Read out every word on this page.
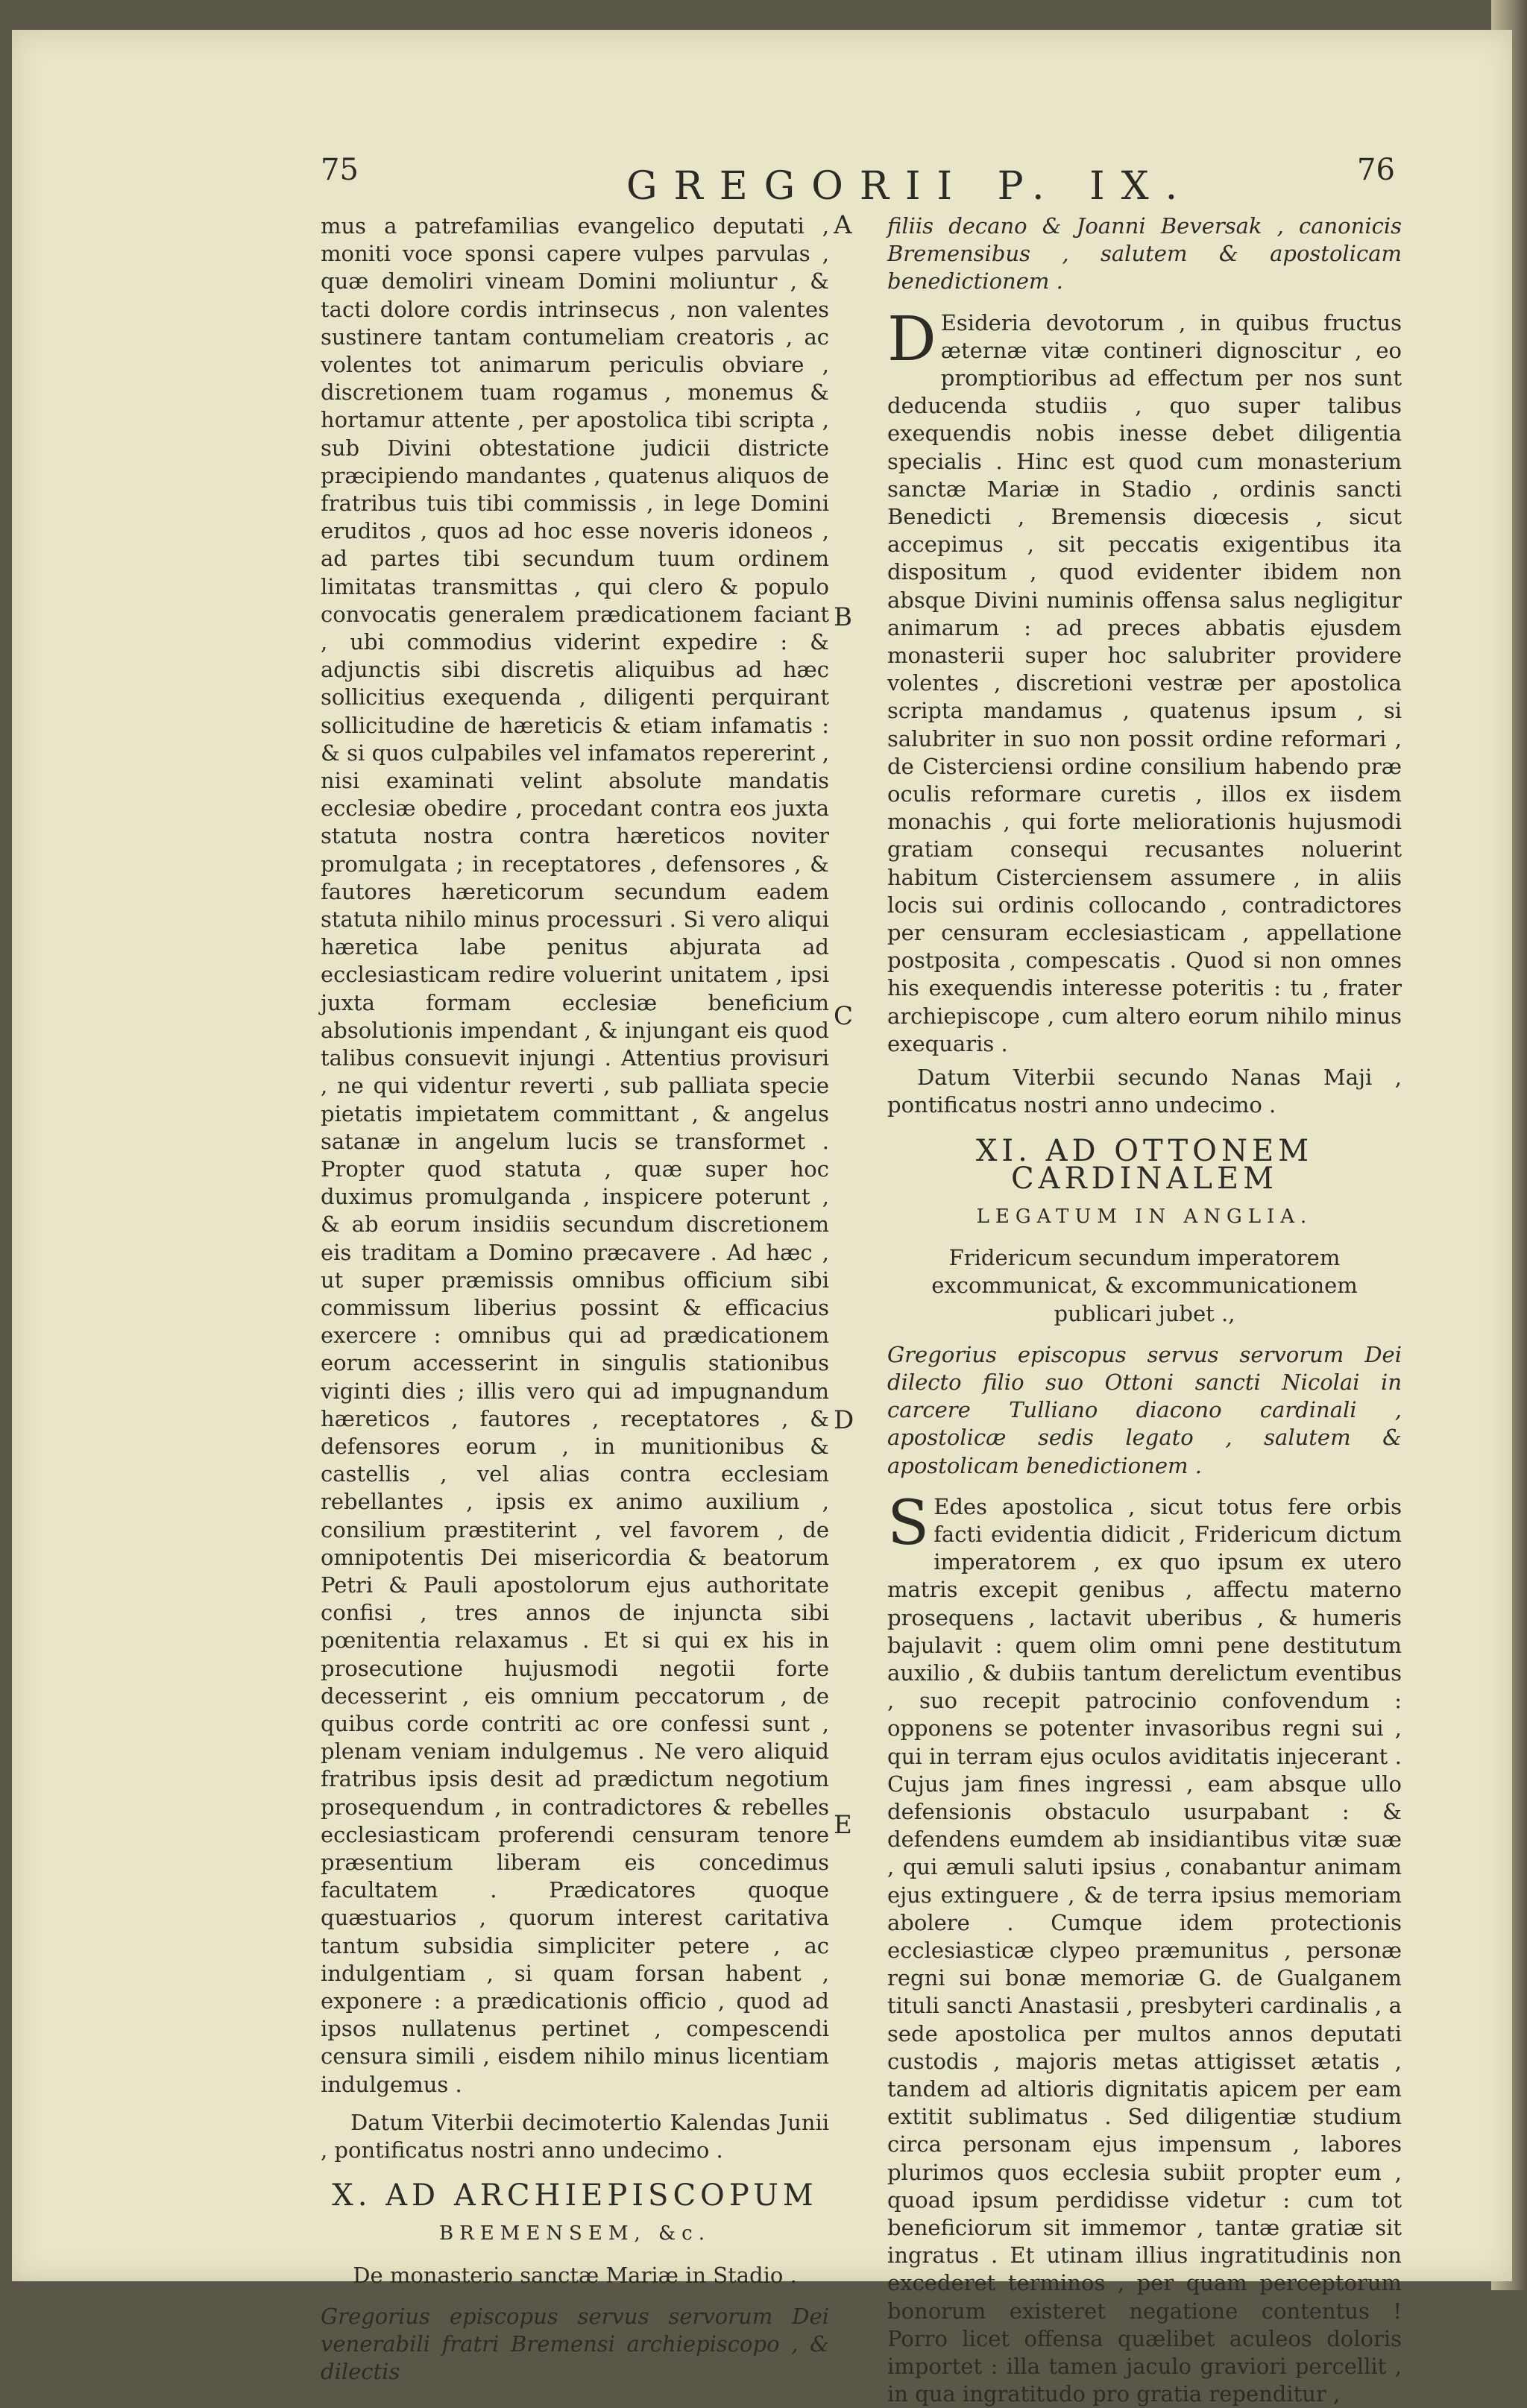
75	GREGORII P. IX.	76
A
B
C
D
E

mus a patrefamilias evangelico deputati , moniti voce sponsi capere vulpes parvulas , quæ demoliri vineam Domini moliuntur , & tacti dolore cordis intrinsecus , non valentes sustinere tantam contumeliam creatoris , ac volentes tot animarum periculis obviare , discretionem tuam rogamus , monemus & hortamur attente , per apostolica tibi scripta , sub Divini obtestatione judicii districte præcipiendo mandantes , quatenus aliquos de fratribus tuis tibi commissis , in lege Domini eruditos , quos ad hoc esse noveris idoneos , ad partes tibi secundum tuum ordinem limitatas transmittas , qui clero & populo convocatis generalem prædicationem faciant , ubi commodius viderint expedire : & adjunctis sibi discretis aliquibus ad hæc sollicitius exequenda , diligenti perquirant sollicitudine de hæreticis & etiam infamatis : & si quos culpabiles vel infamatos repererint , nisi examinati velint absolute mandatis ecclesiæ obedire , procedant contra eos juxta statuta nostra contra hæreticos noviter promulgata ; in receptatores , defensores , & fautores hæreticorum secundum eadem statuta nihilo minus processuri . Si vero aliqui hæretica labe penitus abjurata ad ecclesiasticam redire voluerint unitatem , ipsi juxta formam ecclesiæ beneficium absolutionis impendant , & injungant eis quod talibus consuevit injungi . Attentius provisuri , ne qui videntur reverti , sub palliata specie pietatis impietatem committant , & angelus satanæ in angelum lucis se transformet . Propter quod statuta , quæ super hoc duximus promulganda , inspicere poterunt , & ab eorum insidiis secundum discretionem eis traditam a Domino præcavere . Ad hæc , ut super præmissis omnibus officium sibi commissum liberius possint & efficacius exercere : omnibus qui ad prædicationem eorum accesserint in singulis stationibus viginti dies ; illis vero qui ad impugnandum hæreticos , fautores , receptatores , & defensores eorum , in munitionibus & castellis , vel alias contra ecclesiam rebellantes , ipsis ex animo auxilium , consilium præstiterint , vel favorem , de omnipotentis Dei misericordia & beatorum Petri & Pauli apostolorum ejus authoritate confisi , tres annos de injuncta sibi pœnitentia relaxamus . Et si qui ex his in prosecutione hujusmodi negotii forte decesserint , eis omnium peccatorum , de quibus corde contriti ac ore confessi sunt , plenam veniam indulgemus . Ne vero aliquid fratribus ipsis desit ad prædictum negotium prosequendum , in contradictores & rebelles ecclesiasticam proferendi censuram tenore præsentium liberam eis concedimus facultatem . Prædicatores quoque quæstuarios , quorum interest caritativa tantum subsidia simpliciter petere , ac indulgentiam , si quam forsan habent , exponere : a prædicationis officio , quod ad ipsos nullatenus pertinet , compescendi censura simili , eisdem nihilo minus licentiam indulgemus .

Datum Viterbii decimotertio Kalendas Junii , pontificatus nostri anno undecimo .

X. AD ARCHIEPISCOPUM
BREMENSEM, &c.
De monasterio sanctæ Mariæ in Stadio .

Gregorius episcopus servus servorum Dei venerabili fratri Bremensi archiepiscopo , & dilectis

filiis decano & Joanni Beversak , canonicis Bremensibus , salutem & apostolicam benedictionem .

D Esideria devotorum , in quibus fructus æternæ vitæ contineri dignoscitur , eo promptioribus ad effectum per nos sunt deducenda studiis , quo super talibus exequendis nobis inesse debet diligentia specialis . Hinc est quod cum monasterium sanctæ Mariæ in Stadio , ordinis sancti Benedicti , Bremensis diœcesis , sicut accepimus , sit peccatis exigentibus ita dispositum , quod evidenter ibidem non absque Divini numinis offensa salus negligitur animarum : ad preces abbatis ejusdem monasterii super hoc salubriter providere volentes , discretioni vestræ per apostolica scripta mandamus , quatenus ipsum , si salubriter in suo non possit ordine reformari , de Cisterciensi ordine consilium habendo præ oculis reformare curetis , illos ex iisdem monachis , qui forte meliorationis hujusmodi gratiam consequi recusantes noluerint habitum Cisterciensem assumere , in aliis locis sui ordinis collocando , contradictores per censuram ecclesiasticam , appellatione postposita , compescatis . Quod si non omnes his exequendis interesse poteritis : tu , frater archiepiscope , cum altero eorum nihilo minus exequaris .

Datum Viterbii secundo Nanas Maji , pontificatus nostri anno undecimo .

XI. AD OTTONEM CARDINALEM
LEGATUM IN ANGLIA.
Fridericum secundum imperatorem excommunicat, & excommunicationem publicari jubet .,

Gregorius episcopus servus servorum Dei dilecto filio suo Ottoni sancti Nicolai in carcere Tulliano diacono cardinali , apostolicæ sedis legato , salutem & apostolicam benedictionem .

S Edes apostolica , sicut totus fere orbis facti evidentia didicit , Fridericum dictum imperatorem , ex quo ipsum ex utero matris excepit genibus , affectu materno prosequens , lactavit uberibus , & humeris bajulavit : quem olim omni pene destitutum auxilio , & dubiis tantum derelictum eventibus , suo recepit patrocinio confovendum : opponens se potenter invasoribus regni sui , qui in terram ejus oculos aviditatis injecerant . Cujus jam fines ingressi , eam absque ullo defensionis obstaculo usurpabant : & defendens eumdem ab insidiantibus vitæ suæ , qui æmuli saluti ipsius , conabantur animam ejus extinguere , & de terra ipsius memoriam abolere . Cumque idem protectionis ecclesiasticæ clypeo præmunitus , personæ regni sui bonæ memoriæ G. de Gualganem tituli sancti Anastasii , presbyteri cardinalis , a sede apostolica per multos annos deputati custodis , majoris metas attigisset ætatis , tandem ad altioris dignitatis apicem per eam extitit sublimatus . Sed diligentiæ studium circa personam ejus impensum , labores plurimos quos ecclesia subiit propter eum , quoad ipsum perdidisse videtur : cum tot beneficiorum sit immemor , tantæ gratiæ sit ingratus . Et utinam illius ingratitudinis non excederet terminos , per quam perceptorum bonorum existeret negatione contentus ! Porro licet offensa quælibet aculeos doloris importet : illa tamen jaculo graviori percellit , in qua ingratitudo pro gratia rependitur ,
